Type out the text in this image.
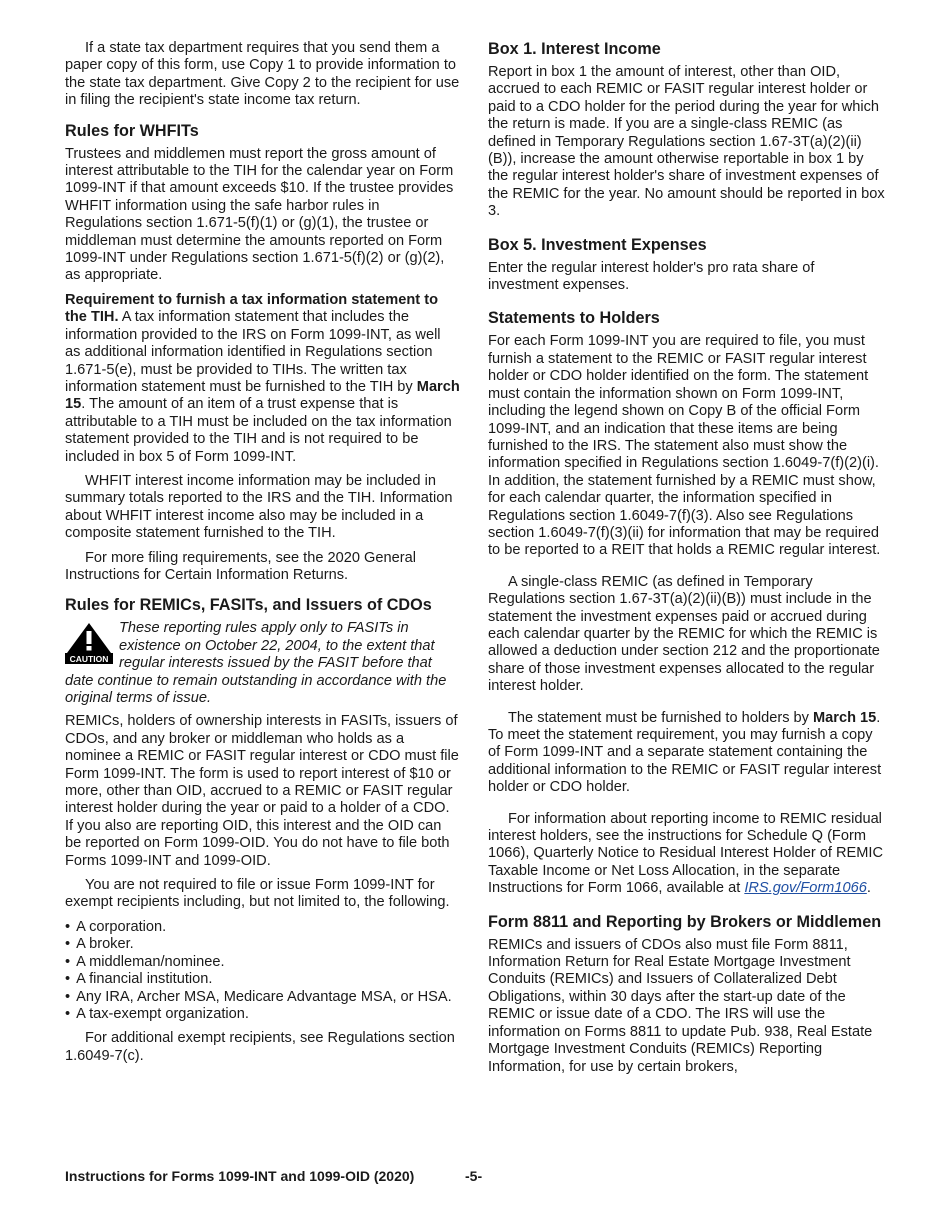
If a state tax department requires that you send them a paper copy of this form, use Copy 1 to provide information to the state tax department. Give Copy 2 to the recipient for use in filing the recipient's state income tax return.

Rules for WHFITs

Trustees and middlemen must report the gross amount of interest attributable to the TIH for the calendar year on Form 1099-INT if that amount exceeds $10. If the trustee provides WHFIT information using the safe harbor rules in Regulations section 1.671-5(f)(1) or (g)(1), the trustee or middleman must determine the amounts reported on Form 1099-INT under Regulations section 1.671-5(f)(2) or (g)(2), as appropriate.

Requirement to furnish a tax information statement to the TIH. A tax information statement that includes the information provided to the IRS on Form 1099-INT, as well as additional information identified in Regulations section 1.671-5(e), must be provided to TIHs. The written tax information statement must be furnished to the TIH by March 15. The amount of an item of a trust expense that is attributable to a TIH must be included on the tax information statement provided to the TIH and is not required to be included in box 5 of Form 1099-INT.

WHFIT interest income information may be included in summary totals reported to the IRS and the TIH. Information about WHFIT interest income also may be included in a composite statement furnished to the TIH.

For more filing requirements, see the 2020 General Instructions for Certain Information Returns.

Rules for REMICs, FASITs, and Issuers of CDOs
CAUTION
These reporting rules apply only to FASITs in existence on October 22, 2004, to the extent that regular interests issued by the FASIT before that date continue to remain outstanding in accordance with the original terms of issue.

REMICs, holders of ownership interests in FASITs, issuers of CDOs, and any broker or middleman who holds as a nominee a REMIC or FASIT regular interest or CDO must file Form 1099-INT. The form is used to report interest of $10 or more, other than OID, accrued to a REMIC or FASIT regular interest holder during the year or paid to a holder of a CDO. If you also are reporting OID, this interest and the OID can be reported on Form 1099-OID. You do not have to file both Forms 1099-INT and 1099-OID.

You are not required to file or issue Form 1099-INT for exempt recipients including, but not limited to, the following.

• A corporation.
• A broker.
• A middleman/nominee.
• A financial institution.
• Any IRA, Archer MSA, Medicare Advantage MSA, or HSA.
• A tax-exempt organization.

For additional exempt recipients, see Regulations section 1.6049-7(c).

Box 1. Interest Income

Report in box 1 the amount of interest, other than OID, accrued to each REMIC or FASIT regular interest holder or paid to a CDO holder for the period during the year for which the return is made. If you are a single-class REMIC (as defined in Temporary Regulations section 1.67-3T(a)(2)(ii)(B)), increase the amount otherwise reportable in box 1 by the regular interest holder's share of investment expenses of the REMIC for the year. No amount should be reported in box 3.

Box 5. Investment Expenses

Enter the regular interest holder's pro rata share of investment expenses.

Statements to Holders

For each Form 1099-INT you are required to file, you must furnish a statement to the REMIC or FASIT regular interest holder or CDO holder identified on the form. The statement must contain the information shown on Form 1099-INT, including the legend shown on Copy B of the official Form 1099-INT, and an indication that these items are being furnished to the IRS. The statement also must show the information specified in Regulations section 1.6049-7(f)(2)(i). In addition, the statement furnished by a REMIC must show, for each calendar quarter, the information specified in Regulations section 1.6049-7(f)(3). Also see Regulations section 1.6049-7(f)(3)(ii) for information that may be required to be reported to a REIT that holds a REMIC regular interest.

A single-class REMIC (as defined in Temporary Regulations section 1.67-3T(a)(2)(ii)(B)) must include in the statement the investment expenses paid or accrued during each calendar quarter by the REMIC for which the REMIC is allowed a deduction under section 212 and the proportionate share of those investment expenses allocated to the regular interest holder.

The statement must be furnished to holders by March 15. To meet the statement requirement, you may furnish a copy of Form 1099-INT and a separate statement containing the additional information to the REMIC or FASIT regular interest holder or CDO holder.

For information about reporting income to REMIC residual interest holders, see the instructions for Schedule Q (Form 1066), Quarterly Notice to Residual Interest Holder of REMIC Taxable Income or Net Loss Allocation, in the separate Instructions for Form 1066, available at IRS.gov/Form1066.

Form 8811 and Reporting by Brokers or Middlemen

REMICs and issuers of CDOs also must file Form 8811, Information Return for Real Estate Mortgage Investment Conduits (REMICs) and Issuers of Collateralized Debt Obligations, within 30 days after the start-up date of the REMIC or issue date of a CDO. The IRS will use the information on Forms 8811 to update Pub. 938, Real Estate Mortgage Investment Conduits (REMICs) Reporting Information, for use by certain brokers,

Instructions for Forms 1099-INT and 1099-OID (2020)	-5-
